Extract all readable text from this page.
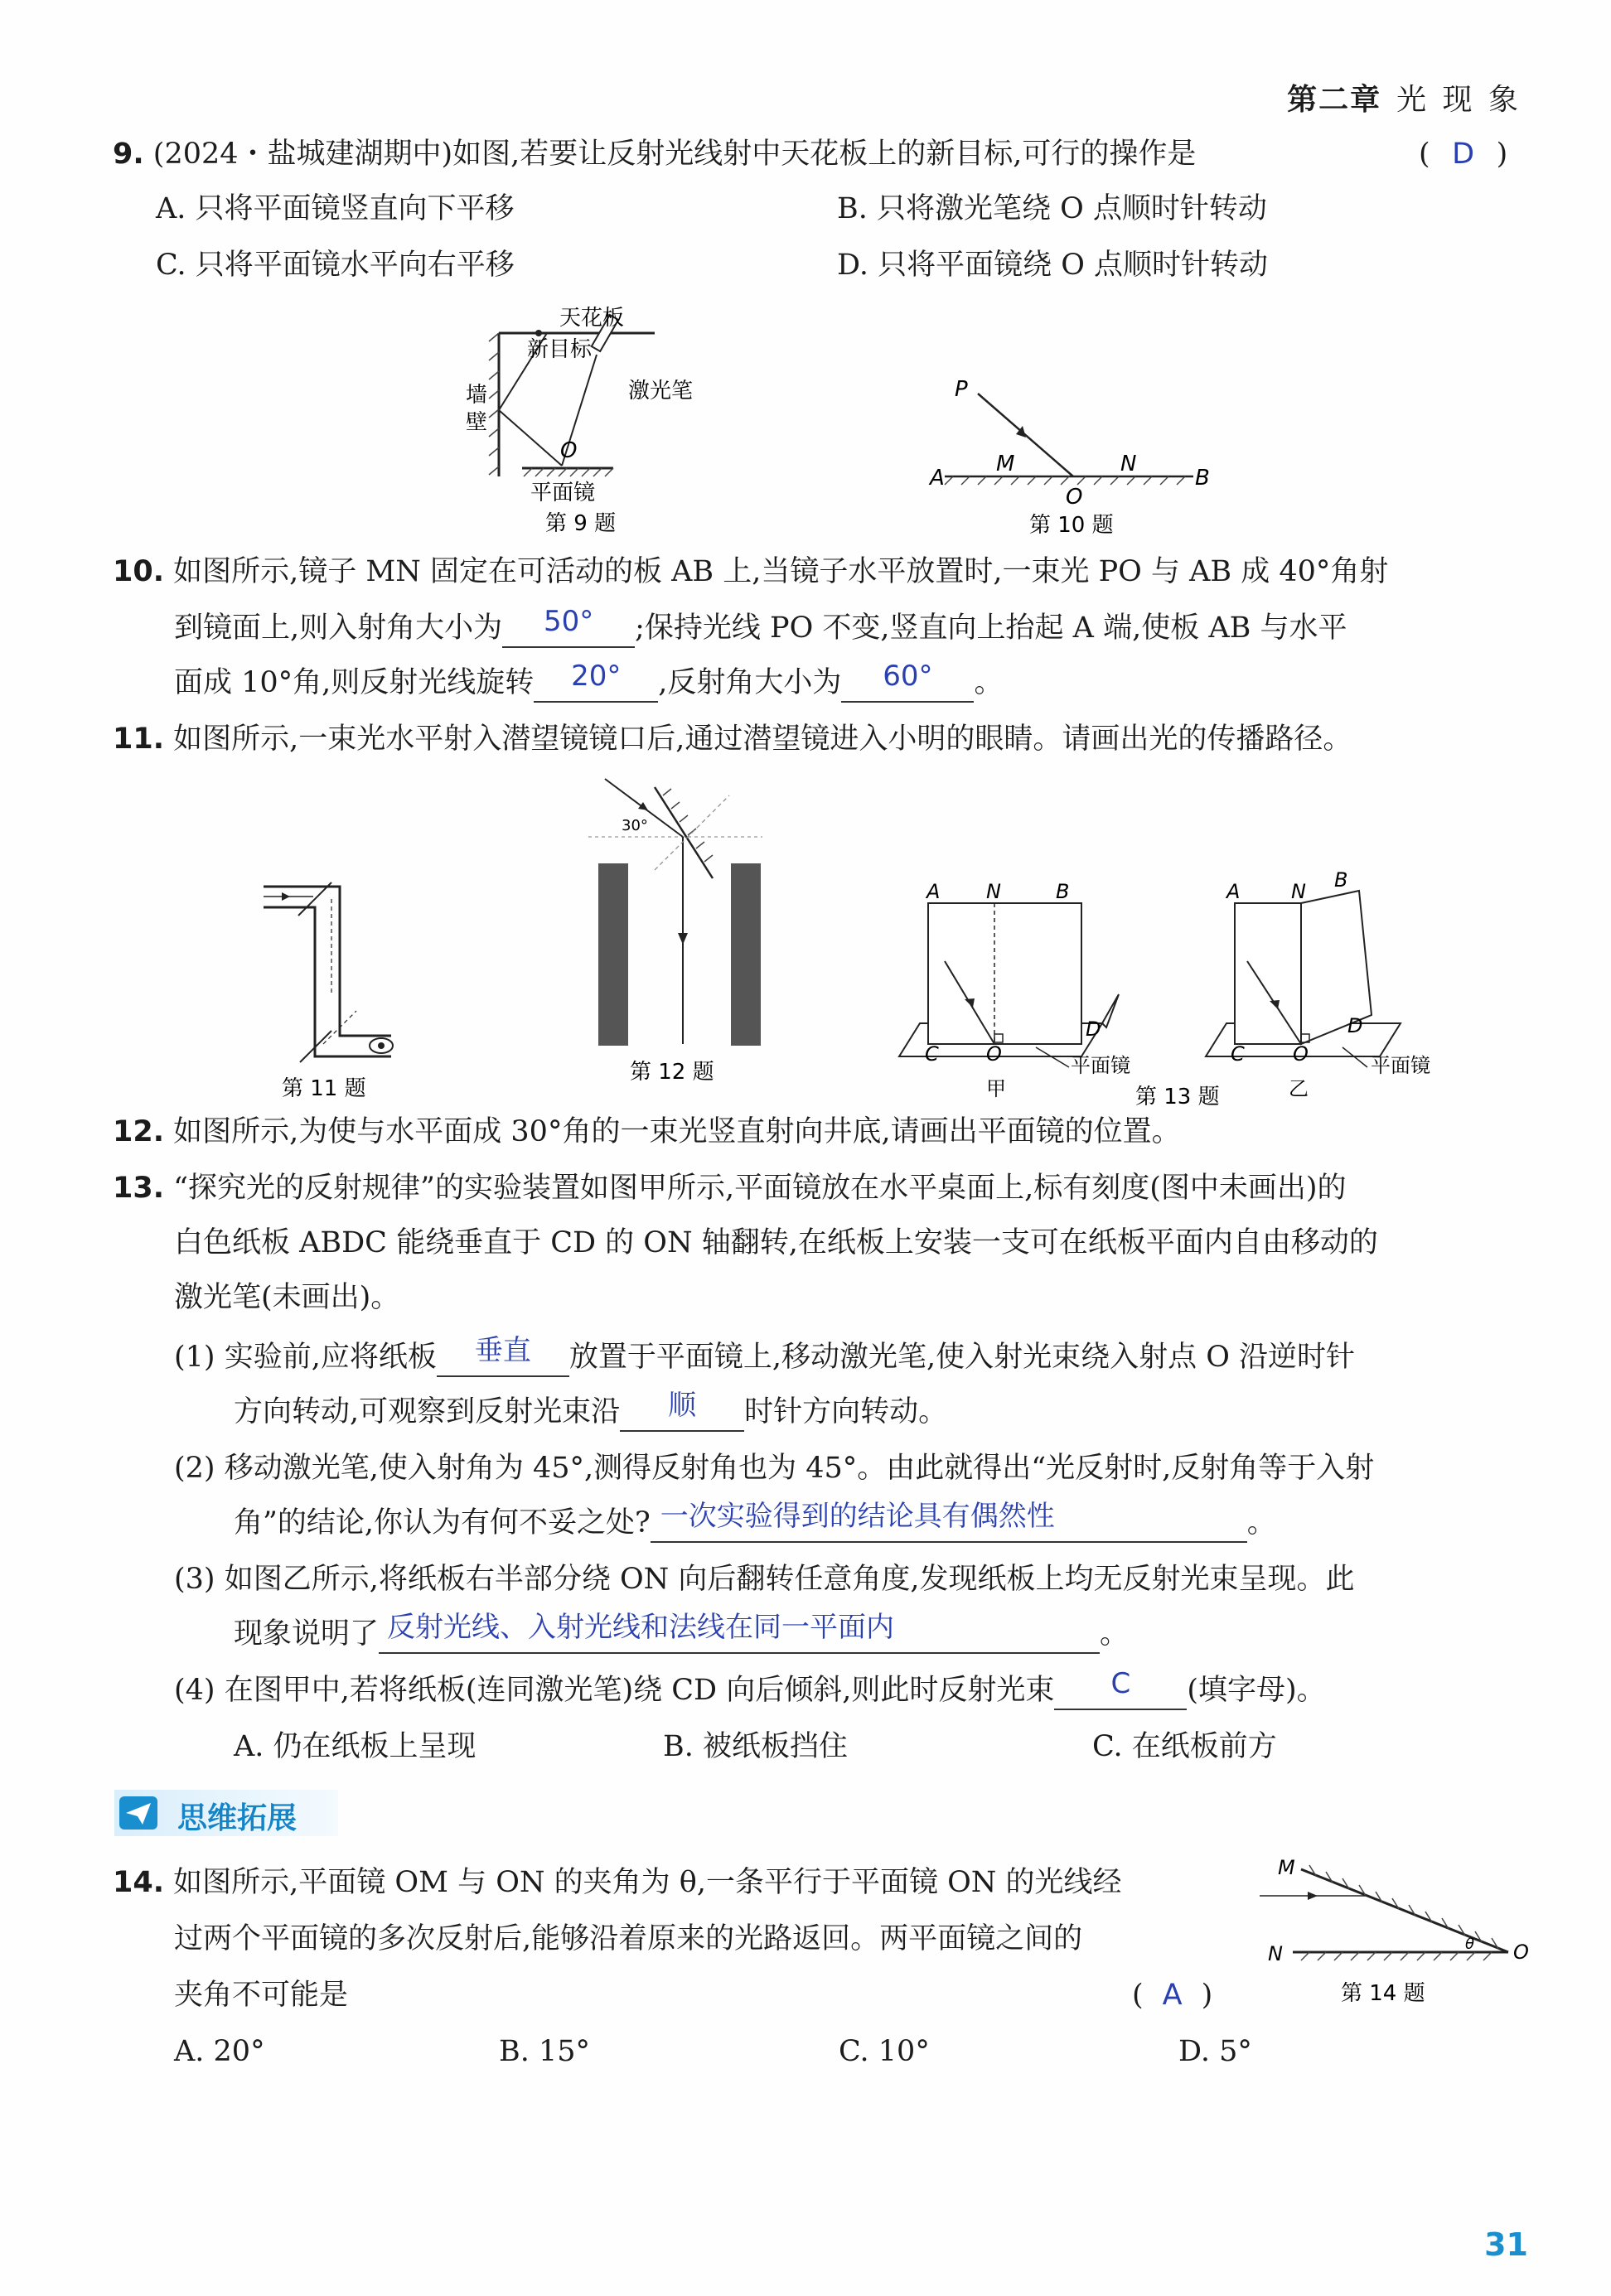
第二章 光 现 象
9. (2024・盐城建湖期中)如图,若要让反射光线射中天花板上的新目标,可行的操作是	( D )
A. 只将平面镜竖直向下平移	B. 只将激光笔绕 O 点顺时针转动
C. 只将平面镜水平向右平移	D. 只将平面镜绕 O 点顺时针转动
天花板
新目标
激光笔
墙
壁
O
平面镜
第 9 题
P
M	N
A	B
O
第 10 题
10. 如图所示,镜子 MN 固定在可活动的板 AB 上,当镜子水平放置时,一束光 PO 与 AB 成 40°角射
到镜面上,则入射角大小为	50°	;保持光线 PO 不变,竖直向上抬起 A 端,使板 AB 与水平
面成 10°角,则反射光线旋转	20°	,反射角大小为	60°	。
11. 如图所示,一束光水平射入潜望镜镜口后,通过潜望镜进入小明的眼睛。请画出光的传播路径。
第 11 题
30°
第 12 题
A N	B
C O
D
平面镜
甲	第 13 题
A	N B
C O
D
平面镜
乙
12. 如图所示,为使与水平面成 30°角的一束光竖直射向井底,请画出平面镜的位置。
13. “探究光的反射规律”的实验装置如图甲所示,平面镜放在水平桌面上,标有刻度(图中未画出)的
白色纸板 ABDC 能绕垂直于 CD 的 ON 轴翻转,在纸板上安装一支可在纸板平面内自由移动的
激光笔(未画出)。
(1) 实验前,应将纸板	垂直	放置于平面镜上,移动激光笔,使入射光束绕入射点 O 沿逆时针
方向转动,可观察到反射光束沿	顺	时针方向转动。
(2) 移动激光笔,使入射角为 45°,测得反射角也为 45°。由此就得出“光反射时,反射角等于入射
角”的结论,你认为有何不妥之处? 一次实验得到的结论具有偶然性	。
(3) 如图乙所示,将纸板右半部分绕 ON 向后翻转任意角度,发现纸板上均无反射光束呈现。此
现象说明了 反射光线、入射光线和法线在同一平面内	。
(4) 在图甲中,若将纸板(连同激光笔)绕 CD 向后倾斜,则此时反射光束	C	(填字母)。
A. 仍在纸板上呈现	B. 被纸板挡住	C. 在纸板前方
思维拓展
14. 如图所示,平面镜 OM 与 ON 的夹角为 θ,一条平行于平面镜 ON 的光线经
过两个平面镜的多次反射后,能够沿着原来的光路返回。两平面镜之间的
夹角不可能是	( A )
A. 20°	B. 15°	C. 10°	D. 5°
M
N	O
θ
第 14 题
31
